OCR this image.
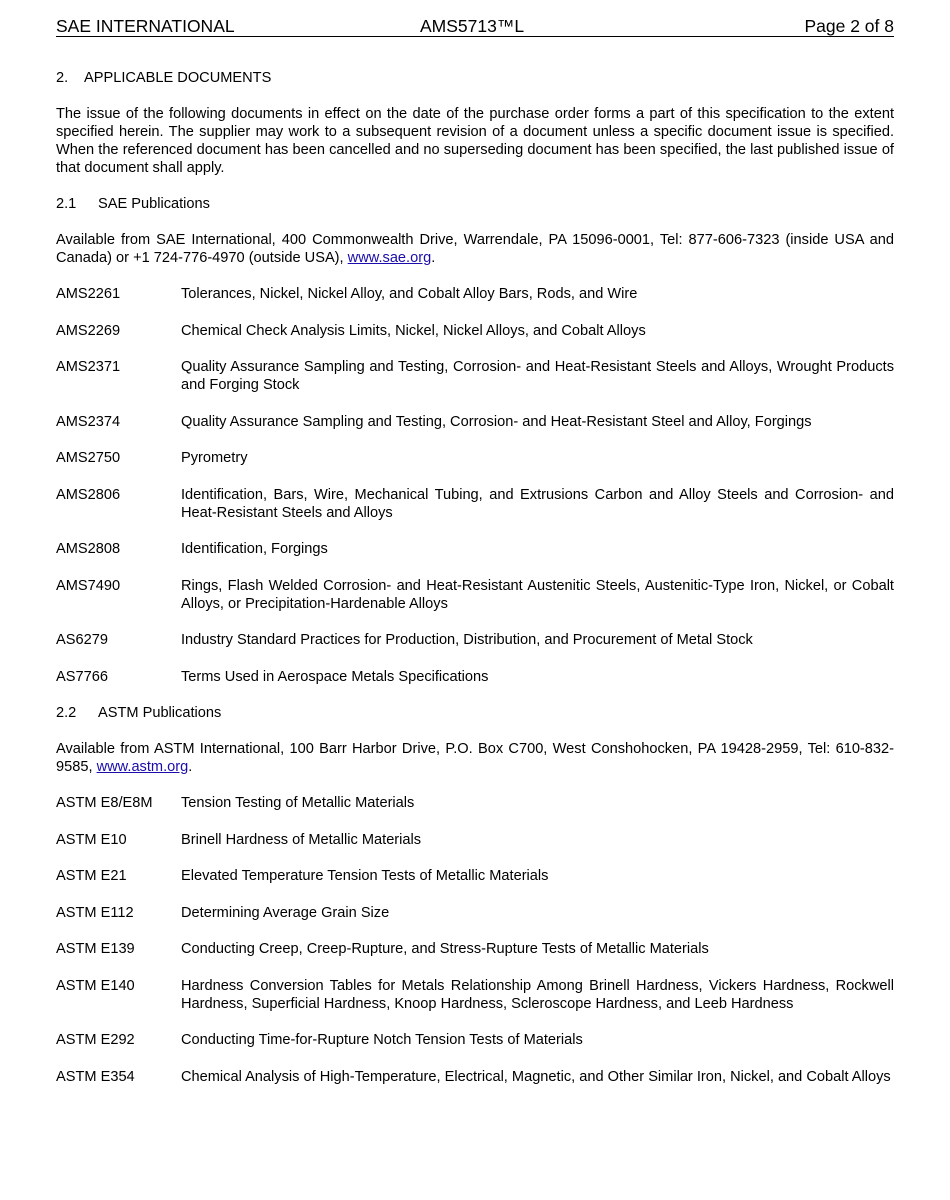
SAE INTERNATIONAL	AMS5713™L	Page 2 of 8
2. APPLICABLE DOCUMENTS

The issue of the following documents in effect on the date of the purchase order forms a part of this specification to the extent specified herein. The supplier may work to a subsequent revision of a document unless a specific document issue is specified. When the referenced document has been cancelled and no superseding document has been specified, the last published issue of that document shall apply.

2.1 SAE Publications

Available from SAE International, 400 Commonwealth Drive, Warrendale, PA 15096-0001, Tel: 877-606-7323 (inside USA and Canada) or +1 724-776-4970 (outside USA), www.sae.org.

AMS2261	Tolerances, Nickel, Nickel Alloy, and Cobalt Alloy Bars, Rods, and Wire
AMS2269	Chemical Check Analysis Limits, Nickel, Nickel Alloys, and Cobalt Alloys
AMS2371	Quality Assurance Sampling and Testing, Corrosion- and Heat-Resistant Steels and Alloys, Wrought Products and Forging Stock
AMS2374	Quality Assurance Sampling and Testing, Corrosion- and Heat-Resistant Steel and Alloy, Forgings
AMS2750	Pyrometry
AMS2806	Identification, Bars, Wire, Mechanical Tubing, and Extrusions Carbon and Alloy Steels and Corrosion- and Heat-Resistant Steels and Alloys
AMS2808	Identification, Forgings
AMS7490	Rings, Flash Welded Corrosion- and Heat-Resistant Austenitic Steels, Austenitic-Type Iron, Nickel, or Cobalt Alloys, or Precipitation-Hardenable Alloys
AS6279	Industry Standard Practices for Production, Distribution, and Procurement of Metal Stock
AS7766	Terms Used in Aerospace Metals Specifications
2.2 ASTM Publications

Available from ASTM International, 100 Barr Harbor Drive, P.O. Box C700, West Conshohocken, PA 19428-2959, Tel: 610-832-9585, www.astm.org.

ASTM E8/E8M	Tension Testing of Metallic Materials
ASTM E10	Brinell Hardness of Metallic Materials
ASTM E21	Elevated Temperature Tension Tests of Metallic Materials
ASTM E112	Determining Average Grain Size
ASTM E139	Conducting Creep, Creep-Rupture, and Stress-Rupture Tests of Metallic Materials
ASTM E140	Hardness Conversion Tables for Metals Relationship Among Brinell Hardness, Vickers Hardness, Rockwell Hardness, Superficial Hardness, Knoop Hardness, Scleroscope Hardness, and Leeb Hardness
ASTM E292	Conducting Time-for-Rupture Notch Tension Tests of Materials
ASTM E354	Chemical Analysis of High-Temperature, Electrical, Magnetic, and Other Similar Iron, Nickel, and Cobalt Alloys
